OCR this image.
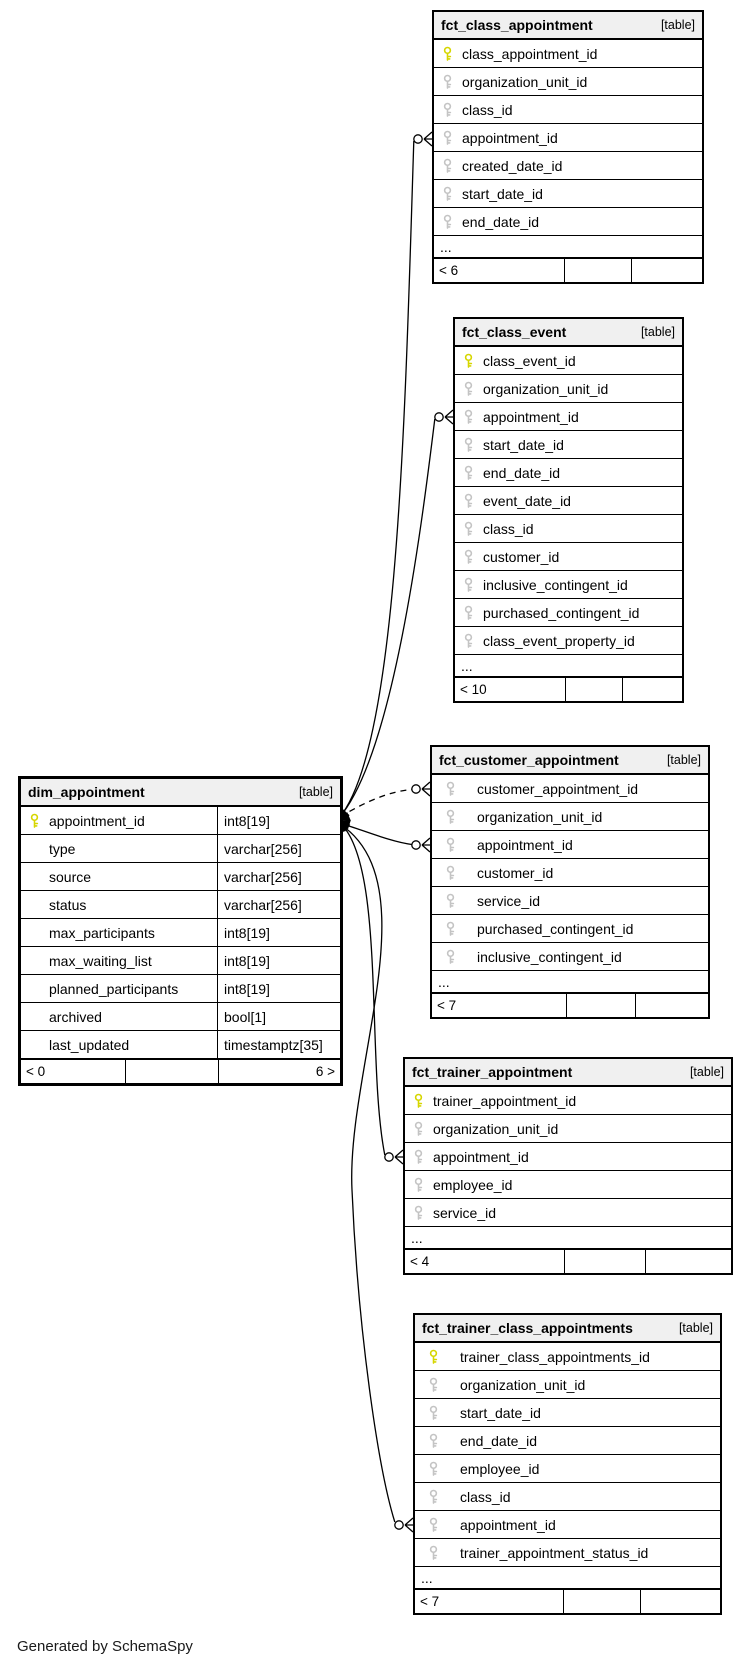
fct_class_appointment	[table]
class_appointment_id
organization_unit_id
class_id
appointment_id
created_date_id
start_date_id
end_date_id
...
< 6
fct_class_event	[table]
class_event_id
organization_unit_id
appointment_id
start_date_id
end_date_id
event_date_id
class_id
customer_id
inclusive_contingent_id
purchased_contingent_id
class_event_property_id
...
< 10
fct_customer_appointment	[table]
customer_appointment_id
organization_unit_id
appointment_id
customer_id
service_id
purchased_contingent_id
inclusive_contingent_id
...
< 7
fct_trainer_appointment	[table]
trainer_appointment_id
organization_unit_id
appointment_id
employee_id
service_id
...
< 4
fct_trainer_class_appointments	[table]
trainer_class_appointments_id
organization_unit_id
start_date_id
end_date_id
employee_id
class_id
appointment_id
trainer_appointment_status_id
...
< 7
dim_appointment	[table]
appointment_id	int8[19]
type	varchar[256]
source	varchar[256]
status	varchar[256]
max_participants	int8[19]
max_waiting_list	int8[19]
planned_participants	int8[19]
archived	bool[1]
last_updated	timestamptz[35]
< 0	6 >
Generated by SchemaSpy
